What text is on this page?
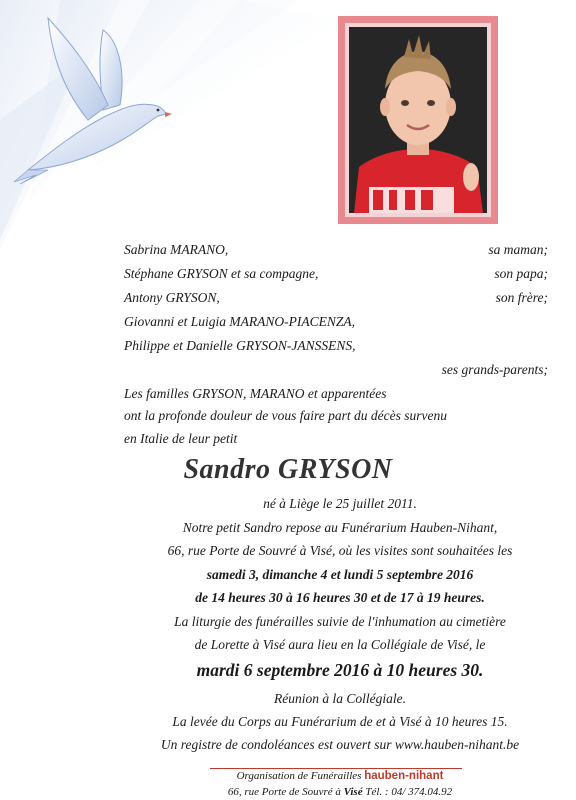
Sabrina MARANO,	sa maman;
Stéphane GRYSON et sa compagne,	son papa;
Antony GRYSON,	son frère;
Giovanni et Luigia MARANO-PIACENZA,
Philippe et Danielle GRYSON-JANSSENS,
ses grands-parents;
Les familles GRYSON, MARANO et apparentées
ont la profonde douleur de vous faire part du décès survenu
en Italie de leur petit
Sandro GRYSON
né à Liège le 25 juillet 2011.
Notre petit Sandro repose au Funérarium Hauben-Nihant,
66, rue Porte de Souvré à Visé, où les visites sont souhaitées les
samedi 3, dimanche 4 et lundi 5 septembre 2016
de 14 heures 30 à 16 heures 30 et de 17 à 19 heures.
La liturgie des funérailles suivie de l'inhumation au cimetière
de Lorette à Visé aura lieu en la Collégiale de Visé, le
mardi 6 septembre 2016 à 10 heures 30.
Réunion à la Collégiale.
La levée du Corps au Funérarium de et à Visé à 10 heures 15.
Un registre de condoléances est ouvert sur www.hauben-nihant.be
Organisation de Funérailles hauben-nihant
66, rue Porte de Souvré à Visé Tél. : 04/ 374.04.92
